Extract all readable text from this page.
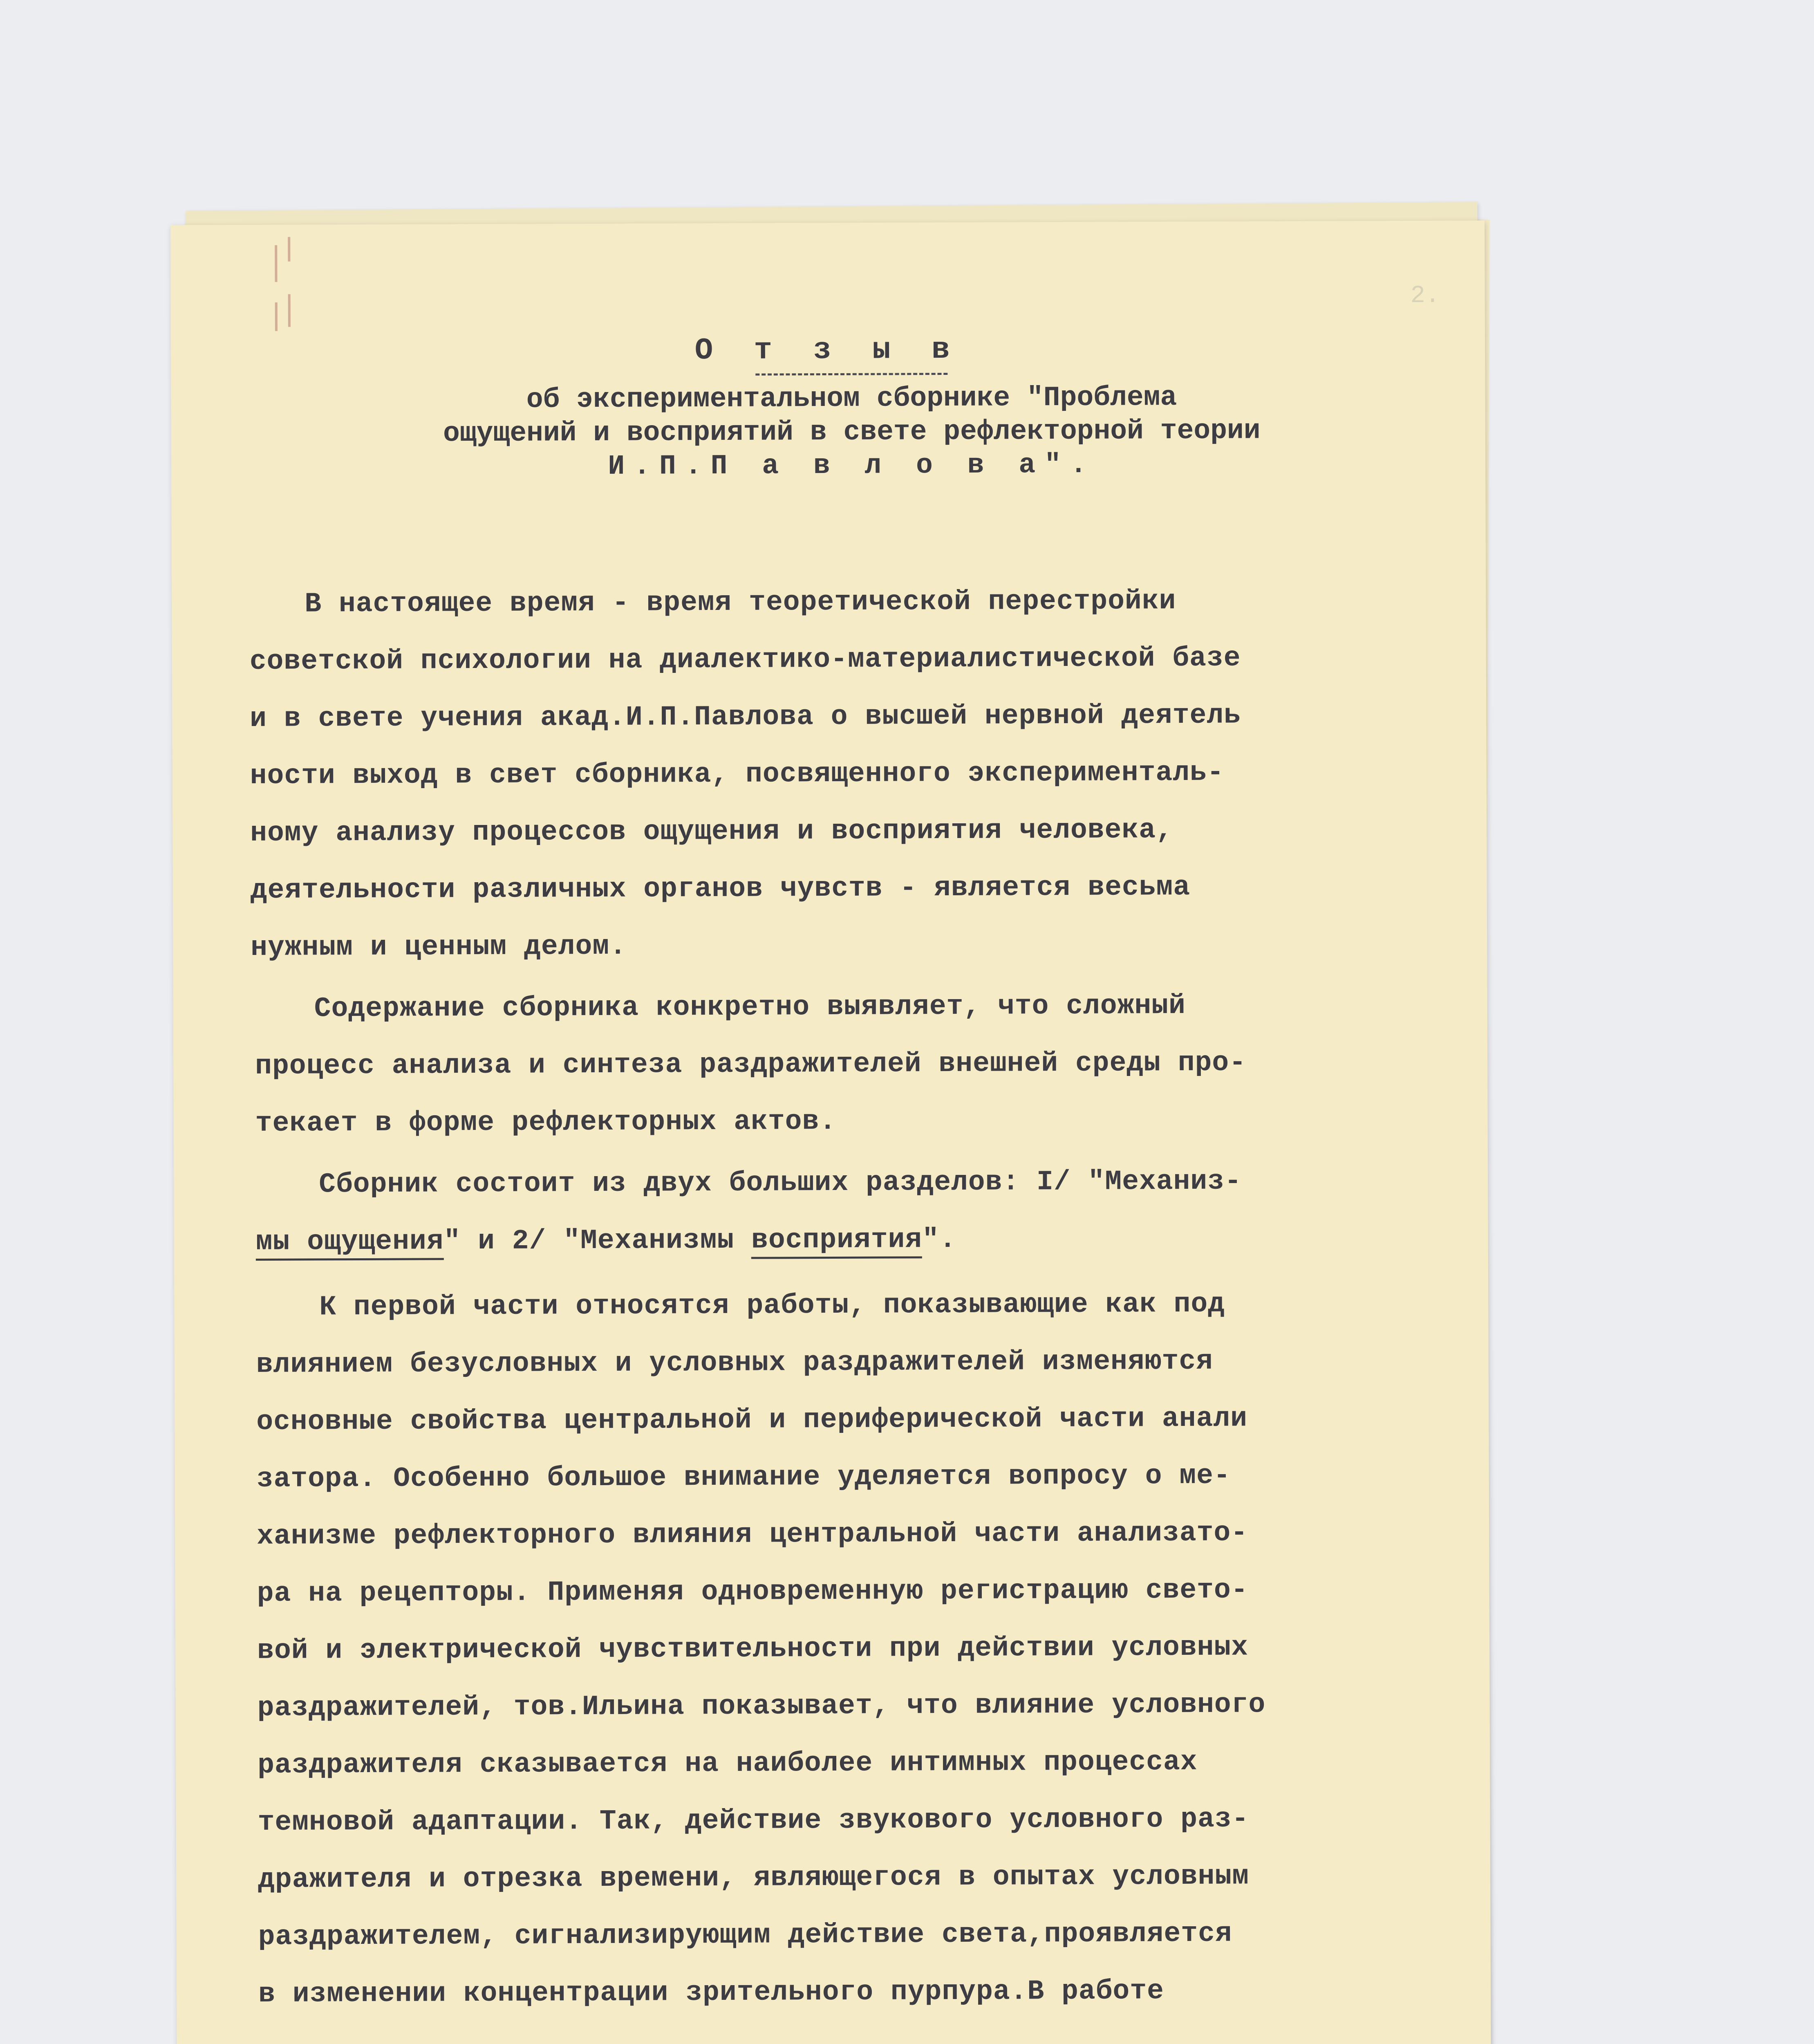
2.
О т з ы в
об экспериментальном сборнике "Проблема
ощущений и восприятий в свете рефлекторной теории
И.П.П а в л о в а".
В настоящее время - время теоретической перестройки
советской психологии на диалектико-материалистической базе
и в свете учения акад.И.П.Павлова о высшей нервной деятель
ности выход в свет сборника, посвященного эксперименталь-
ному анализу процессов ощущения и восприятия человека,
деятельности различных органов чувств - является весьма
нужным и ценным делом.
Содержание сборника конкретно выявляет, что сложный
процесс анализа и синтеза раздражителей внешней среды про-
текает в форме рефлекторных актов.
Сборник состоит из двух больших разделов: I/ "Механиз-
мы ощущения" и 2/ "Механизмы восприятия".
К первой части относятся работы, показывающие как под
влиянием безусловных и условных раздражителей изменяются
основные свойства центральной и периферической части анали
затора. Особенно большое внимание уделяется вопросу о ме-
ханизме рефлекторного влияния центральной части анализато-
ра на рецепторы. Применяя одновременную регистрацию свето-
вой и электрической чувствительности при действии условных
раздражителей, тов.Ильина показывает, что влияние условного
раздражителя сказывается на наиболее интимных процессах
темновой адаптации. Так, действие звукового условного раз-
дражителя и отрезка времени, являющегося в опытах условным
раздражителем, сигнализирующим действие света,проявляется
в изменении концентрации зрительного пурпура.В работе
